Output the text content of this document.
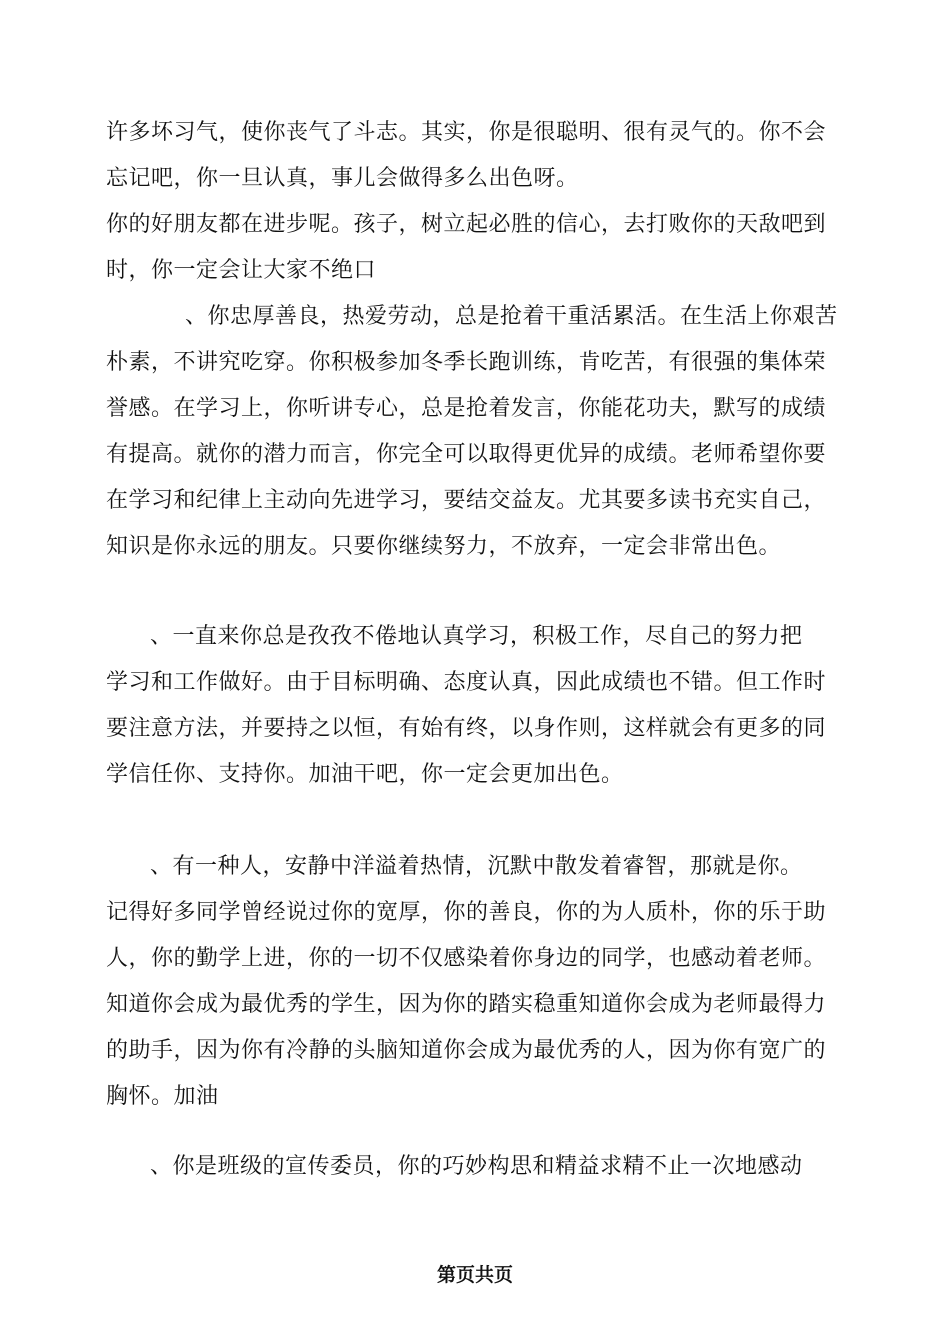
许多坏习气，使你丧气了斗志。其实，你是很聪明、很有灵气的。你不会
忘记吧，你一旦认真，事儿会做得多么出色呀。
你的好朋友都在进步呢。孩子，树立起必胜的信心，去打败你的天敌吧到
时，你一定会让大家不绝口
、你忠厚善良，热爱劳动，总是抢着干重活累活。在生活上你艰苦
朴素，不讲究吃穿。你积极参加冬季长跑训练，肯吃苦，有很强的集体荣
誉感。在学习上，你听讲专心，总是抢着发言，你能花功夫，默写的成绩
有提高。就你的潜力而言，你完全可以取得更优异的成绩。老师希望你要
在学习和纪律上主动向先进学习，要结交益友。尤其要多读书充实自己，
知识是你永远的朋友。只要你继续努力，不放弃，一定会非常出色。
、一直来你总是孜孜不倦地认真学习，积极工作，尽自己的努力把
学习和工作做好。由于目标明确、态度认真，因此成绩也不错。但工作时
要注意方法，并要持之以恒，有始有终，以身作则，这样就会有更多的同
学信任你、支持你。加油干吧，你一定会更加出色。
、有一种人，安静中洋溢着热情，沉默中散发着睿智，那就是你。
记得好多同学曾经说过你的宽厚，你的善良，你的为人质朴，你的乐于助
人，你的勤学上进，你的一切不仅感染着你身边的同学，也感动着老师。
知道你会成为最优秀的学生，因为你的踏实稳重知道你会成为老师最得力
的助手，因为你有冷静的头脑知道你会成为最优秀的人，因为你有宽广的
胸怀。加油
、你是班级的宣传委员，你的巧妙构思和精益求精不止一次地感动
第页共页
